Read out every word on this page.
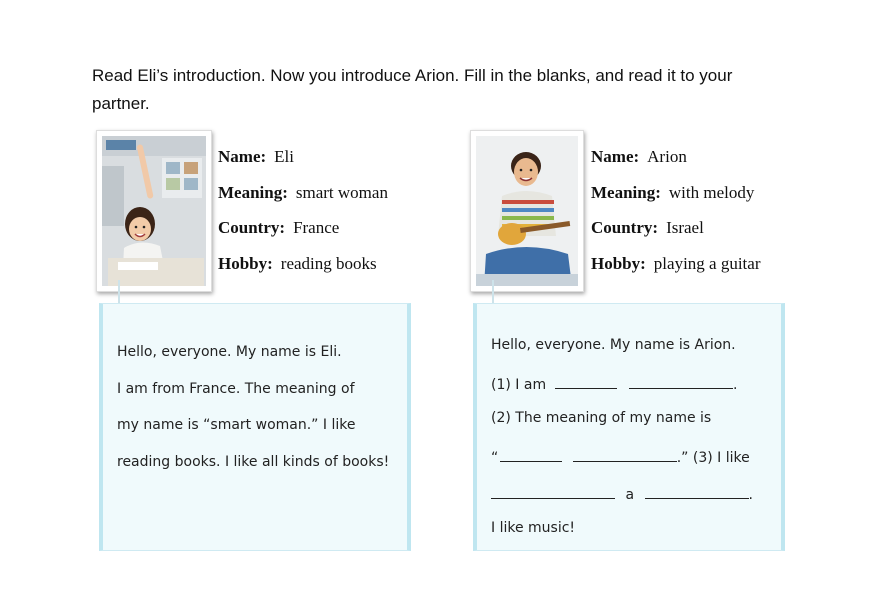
Read Eli’s introduction. Now you introduce Arion. Fill in the blanks, and read it to your partner.
Name: Eli
Meaning: smart woman
Country: France
Hobby: reading books
Name: Arion
Meaning: with melody
Country: Israel
Hobby: playing a guitar
Hello, everyone. My name is Eli.
I am from France. The meaning of
my name is “smart woman.” I like
reading books. I like all kinds of books!
Hello, everyone. My name is Arion.
(1) I am	.
(2) The meaning of my name is
“	.” (3) I like
a	.
I like music!
